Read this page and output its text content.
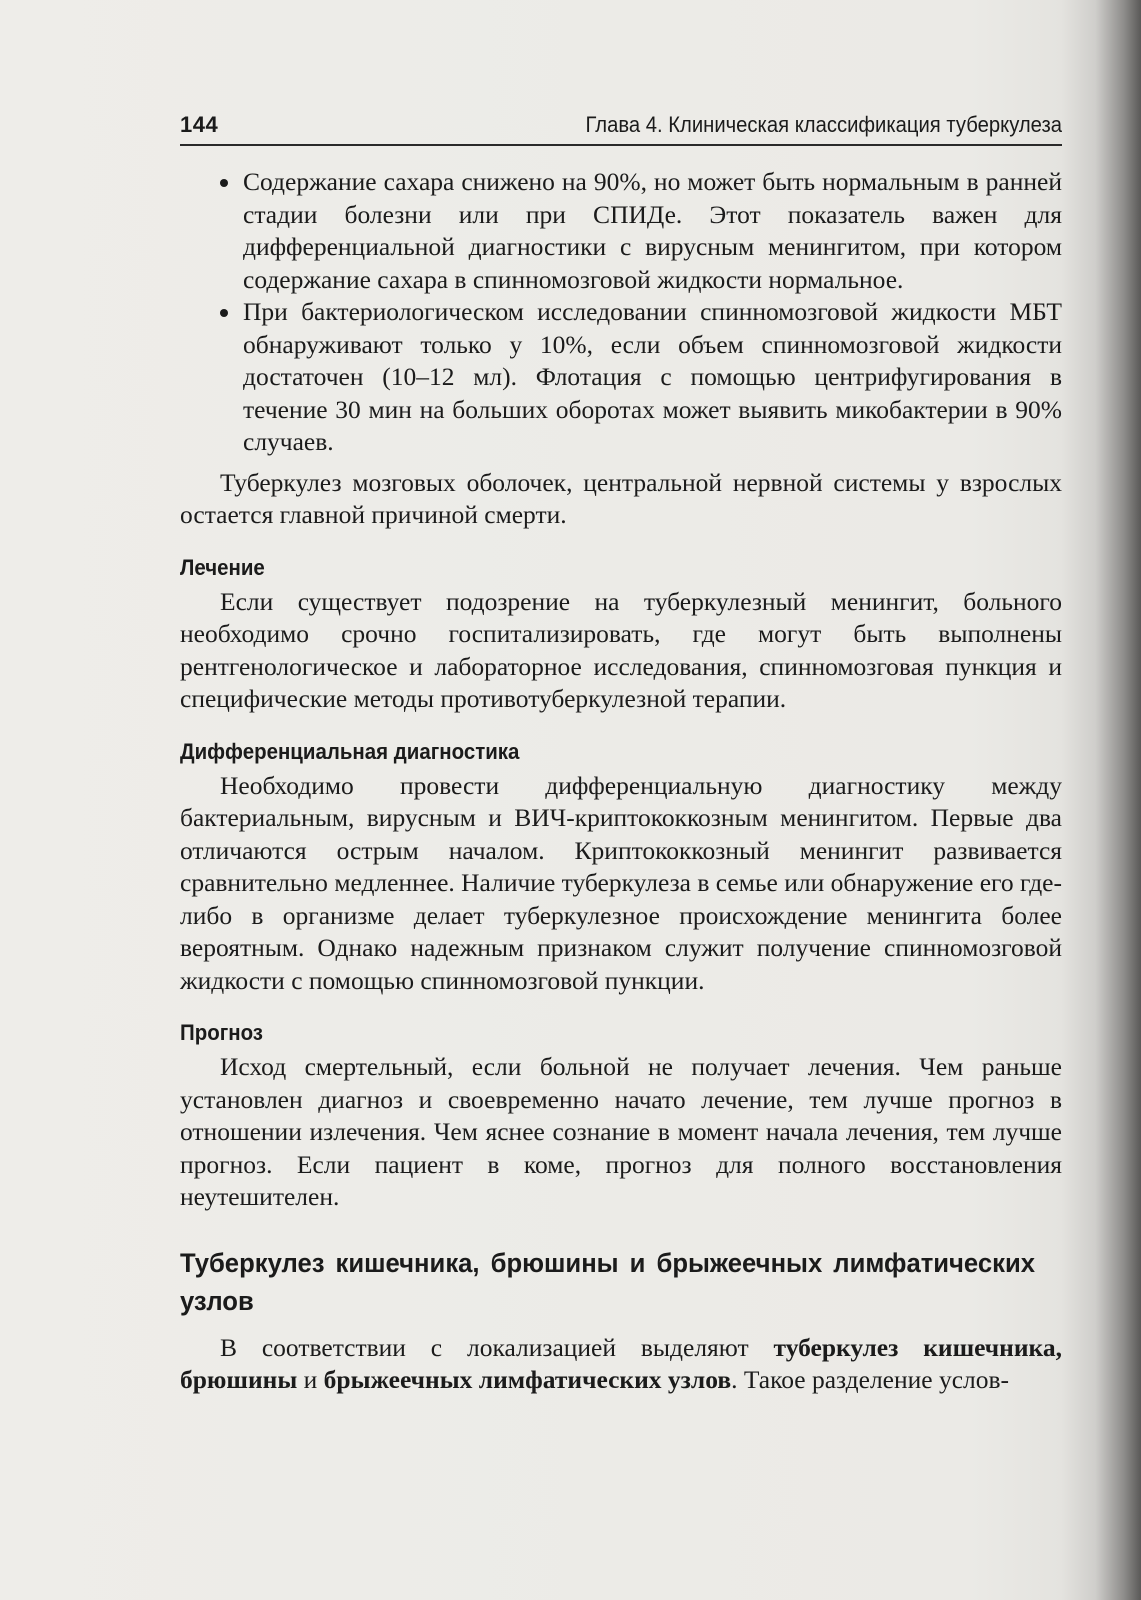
144	Глава 4. Клиническая классификация туберкулеза
Содержание сахара снижено на 90%, но может быть нормальным в ранней стадии болезни или при СПИДе. Этот показатель важен для дифференциальной диагностики с вирусным менингитом, при котором содержание сахара в спинномозговой жидкости нормальное.
При бактериологическом исследовании спинномозговой жидкости МБТ обнаруживают только у 10%, если объем спинномозговой жидкости достаточен (10–12 мл). Флотация с помощью центрифугирования в течение 30 мин на больших оборотах может выявить микобактерии в 90% случаев.

Туберкулез мозговых оболочек, центральной нервной системы у взрослых остается главной причиной смерти.

Лечение

Если существует подозрение на туберкулезный менингит, больного необходимо срочно госпитализировать, где могут быть выполнены рентгенологическое и лабораторное исследования, спинномозговая пункция и специфические методы противотуберкулезной терапии.

Дифференциальная диагностика

Необходимо провести дифференциальную диагностику между бактериальным, вирусным и ВИЧ-криптококкозным менингитом. Первые два отличаются острым началом. Криптококкозный менингит развивается сравнительно медленнее. Наличие туберкулеза в семье или обнаружение его где-либо в организме делает туберкулезное происхождение менингита более вероятным. Однако надежным признаком служит получение спинномозговой жидкости с помощью спинномозговой пункции.

Прогноз

Исход смертельный, если больной не получает лечения. Чем раньше установлен диагноз и своевременно начато лечение, тем лучше прогноз в отношении излечения. Чем яснее сознание в момент начала лечения, тем лучше прогноз. Если пациент в коме, прогноз для полного восстановления неутешителен.

Туберкулез кишечника, брюшины и брыжеечных лимфатических узлов

В соответствии с локализацией выделяют туберкулез кишечника, брюшины и брыжеечных лимфатических узлов. Такое разделение услов-
